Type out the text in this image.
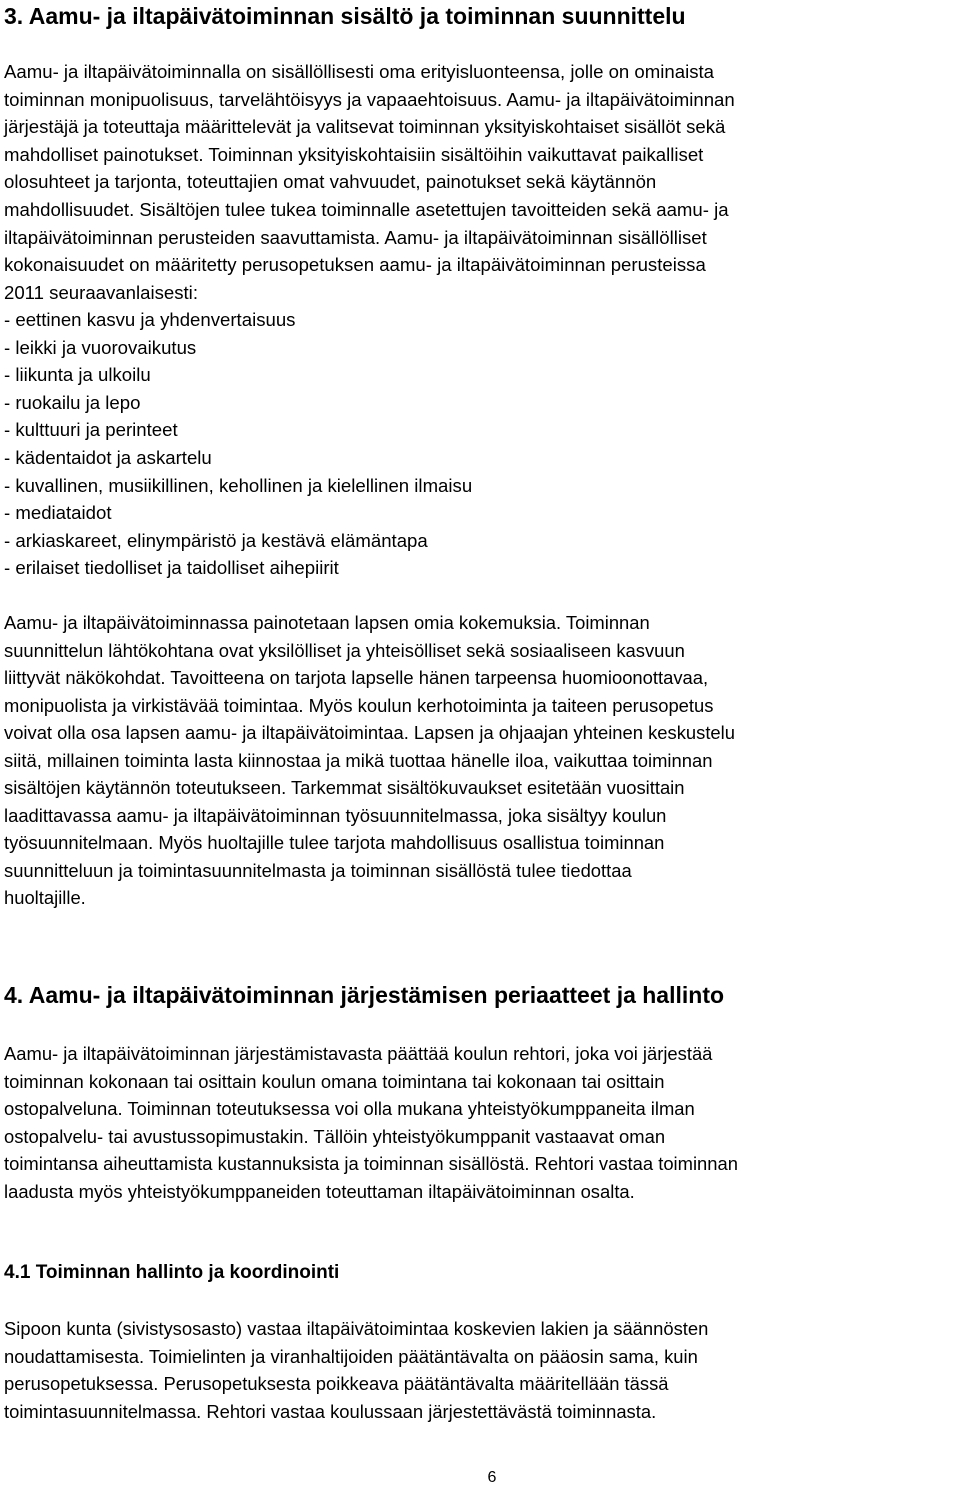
3. Aamu- ja iltapäivätoiminnan sisältö ja toiminnan suunnittelu
Aamu- ja iltapäivätoiminnalla on sisällöllisesti oma erityisluonteensa, jolle on ominaista
toiminnan monipuolisuus, tarvelähtöisyys ja vapaaehtoisuus. Aamu- ja iltapäivätoiminnan
järjestäjä ja toteuttaja määrittelevät ja valitsevat toiminnan yksityiskohtaiset sisällöt sekä
mahdolliset painotukset. Toiminnan yksityiskohtaisiin sisältöihin vaikuttavat paikalliset
olosuhteet ja tarjonta, toteuttajien omat vahvuudet, painotukset sekä käytännön
mahdollisuudet. Sisältöjen tulee tukea toiminnalle asetettujen tavoitteiden sekä aamu- ja
iltapäivätoiminnan perusteiden saavuttamista. Aamu- ja iltapäivätoiminnan sisällölliset
kokonaisuudet on määritetty perusopetuksen aamu- ja iltapäivätoiminnan perusteissa
2011 seuraavanlaisesti:
- eettinen kasvu ja yhdenvertaisuus
- leikki ja vuorovaikutus
- liikunta ja ulkoilu
- ruokailu ja lepo
- kulttuuri ja perinteet
- kädentaidot ja askartelu
- kuvallinen, musiikillinen, kehollinen ja kielellinen ilmaisu
- mediataidot
- arkiaskareet, elinympäristö ja kestävä elämäntapa
- erilaiset tiedolliset ja taidolliset aihepiirit
Aamu- ja iltapäivätoiminnassa painotetaan lapsen omia kokemuksia. Toiminnan
suunnittelun lähtökohtana ovat yksilölliset ja yhteisölliset sekä sosiaaliseen kasvuun
liittyvät näkökohdat. Tavoitteena on tarjota lapselle hänen tarpeensa huomioonottavaa,
monipuolista ja virkistävää toimintaa. Myös koulun kerhotoiminta ja taiteen perusopetus
voivat olla osa lapsen aamu- ja iltapäivätoimintaa. Lapsen ja ohjaajan yhteinen keskustelu
siitä, millainen toiminta lasta kiinnostaa ja mikä tuottaa hänelle iloa, vaikuttaa toiminnan
sisältöjen käytännön toteutukseen. Tarkemmat sisältökuvaukset esitetään vuosittain
laadittavassa aamu- ja iltapäivätoiminnan työsuunnitelmassa, joka sisältyy koulun
työsuunnitelmaan. Myös huoltajille tulee tarjota mahdollisuus osallistua toiminnan
suunnitteluun ja toimintasuunnitelmasta ja toiminnan sisällöstä tulee tiedottaa
huoltajille.
4. Aamu- ja iltapäivätoiminnan järjestämisen periaatteet ja hallinto
Aamu- ja iltapäivätoiminnan järjestämistavasta päättää koulun rehtori, joka voi järjestää
toiminnan kokonaan tai osittain koulun omana toimintana tai kokonaan tai osittain
ostopalveluna. Toiminnan toteutuksessa voi olla mukana yhteistyökumppaneita ilman
ostopalvelu- tai avustussopimustakin. Tällöin yhteistyökumppanit vastaavat oman
toimintansa aiheuttamista kustannuksista ja toiminnan sisällöstä. Rehtori vastaa toiminnan
laadusta myös yhteistyökumppaneiden toteuttaman iltapäivätoiminnan osalta.
4.1 Toiminnan hallinto ja koordinointi
Sipoon kunta (sivistysosasto) vastaa iltapäivätoimintaa koskevien lakien ja säännösten
noudattamisesta. Toimielinten ja viranhaltijoiden päätäntävalta on pääosin sama, kuin
perusopetuksessa. Perusopetuksesta poikkeava päätäntävalta määritellään tässä
toimintasuunnitelmassa. Rehtori vastaa koulussaan järjestettävästä toiminnasta.
6
